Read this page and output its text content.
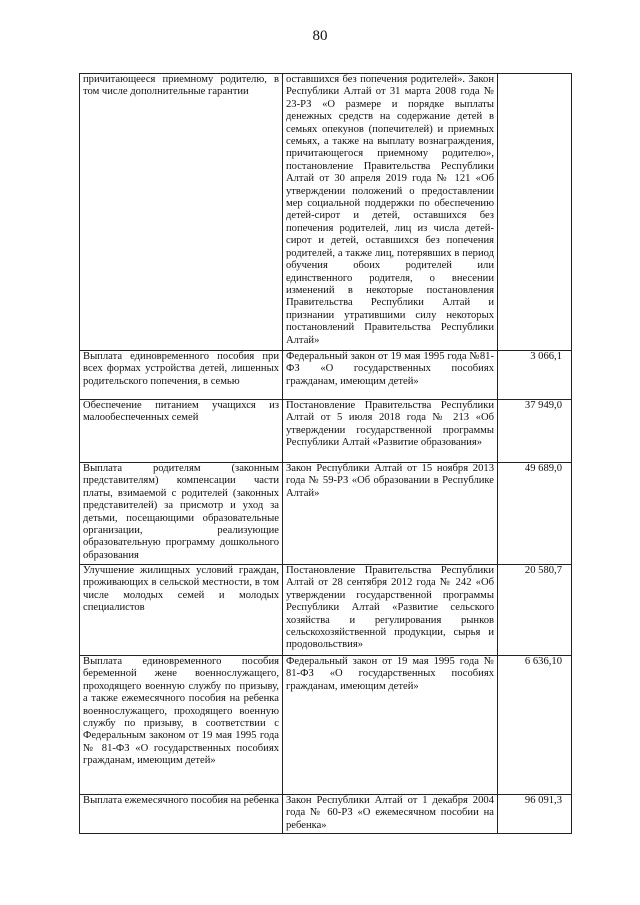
80
причитающееся приемному родителю, в том числе дополнительные гарантии	оставшихся без попечения родителей». Закон Республики Алтай от 31 марта 2008 года № 23-РЗ «О размере и порядке выплаты денежных средств на содержание детей в семьях опекунов (попечителей) и приемных семьях, а также на выплату вознаграждения, причитающегося приемному родителю», постановление Правительства Республики Алтай от 30 апреля 2019 года № 121 «Об утверждении положений о предоставлении мер социальной поддержки по обеспечению детей-сирот и детей, оставшихся без попечения родителей, лиц из числа детей-сирот и детей, оставшихся без попечения родителей, а также лиц, потерявших в период обучения обоих родителей или единственного родителя, о внесении изменений в некоторые постановления Правительства Республики Алтай и признании утратившими силу некоторых постановлений Правительства Республики Алтай»	
Выплата единовременного пособия при всех формах устройства детей, лишенных родительского попечения, в семью	Федеральный закон от 19 мая 1995 года №81-ФЗ «О государственных пособиях гражданам, имеющим детей»	3 066,1
Обеспечение питанием учащихся из малообеспеченных семей	Постановление Правительства Республики Алтай от 5 июля 2018 года № 213 «Об утверждении государственной программы Республики Алтай «Развитие образования»	37 949,0
Выплата родителям (законным представителям) компенсации части платы, взимаемой с родителей (законных представителей) за присмотр и уход за детьми, посещающими образовательные организации, реализующие образовательную программу дошкольного образования	Закон Республики Алтай от 15 ноября 2013 года № 59-РЗ «Об образовании в Республике Алтай»	49 689,0
Улучшение жилищных условий граждан, проживающих в сельской местности, в том числе молодых семей и молодых специалистов	Постановление Правительства Республики Алтай от 28 сентября 2012 года № 242 «Об утверждении государственной программы Республики Алтай «Развитие сельского хозяйства и регулирования рынков сельскохозяйственной продукции, сырья и продовольствия»	20 580,7
Выплата единовременного пособия беременной жене военнослужащего, проходящего военную службу по призыву, а также ежемесячного пособия на ребенка военнослужащего, проходящего военную службу по призыву, в соответствии с Федеральным законом от 19 мая 1995 года № 81-ФЗ «О государственных пособиях гражданам, имеющим детей»	Федеральный закон от 19 мая 1995 года № 81-ФЗ «О государственных пособиях гражданам, имеющим детей»	6 636,10
Выплата ежемесячного пособия на ребенка	Закон Республики Алтай от 1 декабря 2004 года № 60-РЗ «О ежемесячном пособии на ребенка»	96 091,3
